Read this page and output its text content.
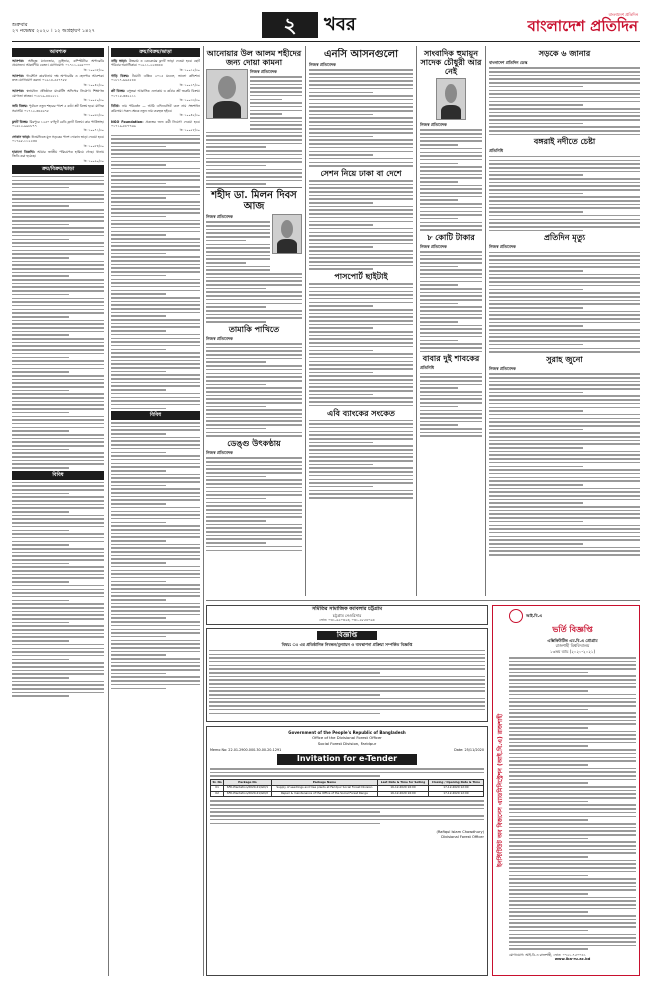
শুক্রবার
২৭ নভেম্বর ২০২০ । ১২ অগ্রহায়ণ ১৪২৭	২	খবর	বাংলাদেশ প্রতিদিন
বাংলাদেশ প্রতিদিন
আবশ্যক
আবশ্যক: অভিজ্ঞ ম্যানেজার, ড্রাইভার, কম্পিউটার অপারেটর প্রয়োজন। আকর্ষণীয় বেতন। যোগাযোগ: ০১৭১১-২৬৫০০০
বি: ১০০৩৮/২০
আবশ্যক: গার্মেন্টস কারখানায় দক্ষ অপারেটর ও হেলপার আবশ্যক। দ্রুত যোগাযোগ করুন। ০১৯১৪-৫৫৭৭৮৮
বি: ১০০৪২/২০
আবশ্যক: স্বনামধন্য প্রতিষ্ঠানে মার্কেটিং অফিসার নিয়োগ। শিক্ষাগত যোগ্যতা স্নাতক। ০১৮১৯-৪৪২২১১
বি: ১০০৫০/২০
জমি বিক্রয়: পূর্বাচল নতুন শহরের পাশে ৫ কাঠা প্লট বিক্রয় হবে। মালিক সরাসরি। ০১৭১২-৩৪৫৬৭৮
বি: ১০০৬৩/২০
ফ্ল্যাট বিক্রয়: মিরপুরে ১২৫০ বর্গফুট রেডি ফ্ল্যাট বিক্রয়। কার পার্কিংসহ। ০১৬১২-৯৯৮৮৭৭
বি: ১০০৭১/২০
দোকান ভাড়া: ধানমন্ডিতে মূল সড়কের পাশে দোকান ভাড়া দেওয়া হবে। ০১৭৯৮-১১২২৩৩
বি: ১০০৮৪/২০
হারানো বিজ্ঞপ্তি: আমার জাতীয় পরিচয়পত্র হারিয়ে গেছে। থানায় জিডি করা হয়েছে।
বি: ১০০৯০/২০
ক্রয়/বিক্রয়/ভাড়া
বিবিধ
ক্রয়/বিক্রয়/ভাড়া
বাড়ি ভাড়া: উত্তরায় ৩ বেডরুমের ফ্ল্যাট ভাড়া দেওয়া হবে। ছোট পরিবার অগ্রাধিকার। ০১৯১১-২২৩৩৪৪
বি: ১০০১৫/২০
গাড়ি বিক্রয়: টয়োটা এক্সিও ২০১৫ মডেল, ভালো কন্ডিশন। ০১৮১৭-৬৬৫৫৪৪
বি: ১০০২৭/২০
প্লট বিক্রয়: বসুন্ধরা আবাসিক এলাকায় ৩ কাঠার প্লট জরুরি বিক্রয়। ০১৭১৫-৩৩২২১১
বি: ১০০৩৩/২০
বিবিধ: নাম পরিবর্তন — আমি এফিডেভিট বলে নাম সংশোধন করিলাম। সকল ক্ষেত্রে নতুন নাম ব্যবহৃত হইবে।
বি: ১০০৪৫/২০
NGO Foundation: প্রকল্পের জন্য কর্মী নিয়োগ দেওয়া হবে। ০১৭১৯-৮৮৭৭৬৬
বি: ১০০৫৮/২০
বিবিধ
আনোয়ার উল আলম শহীদের জন্য দোয়া কামনা
নিজস্ব প্রতিবেদক
শহীদ ডা. মিলন দিবস আজ
নিজস্ব প্রতিবেদক
তামাকি পাখিতে
নিজস্ব প্রতিবেদক
ডেঙ্গু উৎকণ্ঠায়
নিজস্ব প্রতিবেদক
এনসি আসনগুলো
নিজস্ব প্রতিবেদক
সেশন নিয়ে ঢাকা বা দেশে
পাসপোর্ট ছাইটাই
এবি ব্যাংকের সংকেত
সাংবাদিক হুমায়ূন সাদেক চৌধুরী আর নেই
নিজস্ব প্রতিবেদক
৮ কোটি টাকার
নিজস্ব প্রতিবেদক
বাবার দুই শাবকের
প্রতিনিধি
সড়কে ৬ জানার
বাংলাদেশ প্রতিদিন ডেস্ক
বঙ্গরাই নদীতে চেষ্টা
প্রতিনিধি
প্রতিদিন মৃত্যু
নিজস্ব প্রতিবেদক
সুরাহ জুনাে
নিজস্ব প্রতিবেদক
সমিতির সামাজিক ক্যাবলার চট্টগ্রাম
চট্টগ্রাম নেওরিসার
ফোন: ০৩১-৬২০৩২৩, ০৩১-২৮৫৪০৬৪
বিজ্ঞপ্তি
বিষয়: ঃ এর প্রতিষ্ঠানিক নিবন্ধন/মূল্যায়ন ও ব্যবস্থাপনা প্রক্রিয়া সম্পর্কিত বিজ্ঞপ্তি
Government of the People's Republic of Bangladesh
Office of the Divisional Forest Officer
Social Forest Division, Faridpur
Memo No: 22.01.2900.000.30.00.20-1291	Date: 25/11/2020
Invitation for e-Tender
Sl. No	Package No	Package Name	Last Date & Time for Selling	Closing / Opening Date & Time
01	SFD-Plantation/2020-21/GD/1	Supply of seedlings and tree plants at Faridpur Social Forest Division	16-12-2020 16:00	17-12-2020 12:00
02	SFD-Plantation/2020-21/GD/2	Repair & maintenance of the Office of the Social Forest Range	16-12-2020 16:00	17-12-2020 12:00
(Rafiqul Islam Chowdhury)
Divisional Forest Officer	ইনস্টিটিউট অব বিজনেস এ্যাডমিনিস্ট্রেশন (আই.বি.এ) রাজশাহী
আই.বি.এ
ভর্তি বিজ্ঞপ্তি
এক্সিকিউটিভ এম.বি.এ প্রোগ্রাম
রাজশাহী বিশ্ববিদ্যালয়
১৩তম ব্যাচ (২০২০-২০২১)
যোগাযোগ: আই.বি.এ রাজশাহী, ফোন: ০৭২১-৭৫০০৪১
www.iba-ru.ac.bd
